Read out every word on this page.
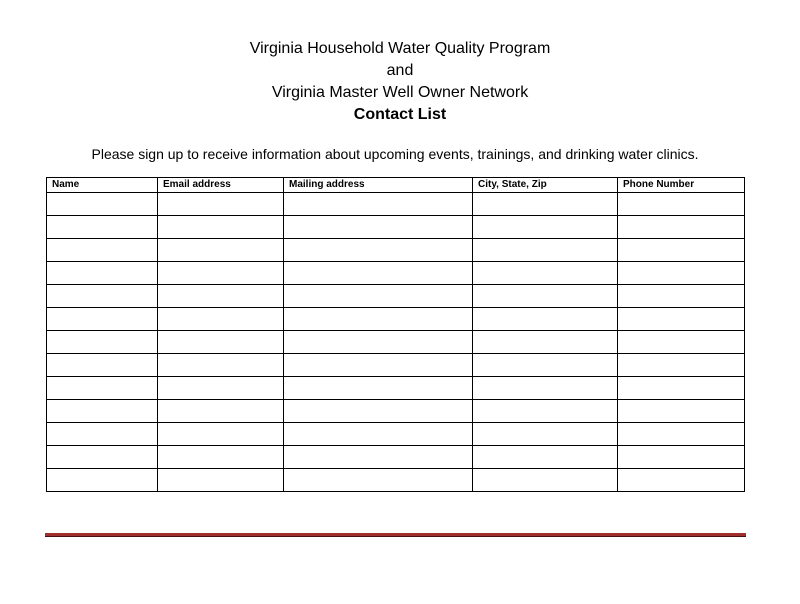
Virginia Household Water Quality Program
and
Virginia Master Well Owner Network
Contact List
Please sign up to receive information about upcoming events, trainings, and drinking water clinics.
Name	Email address	Mailing address	City, State, Zip	Phone Number
